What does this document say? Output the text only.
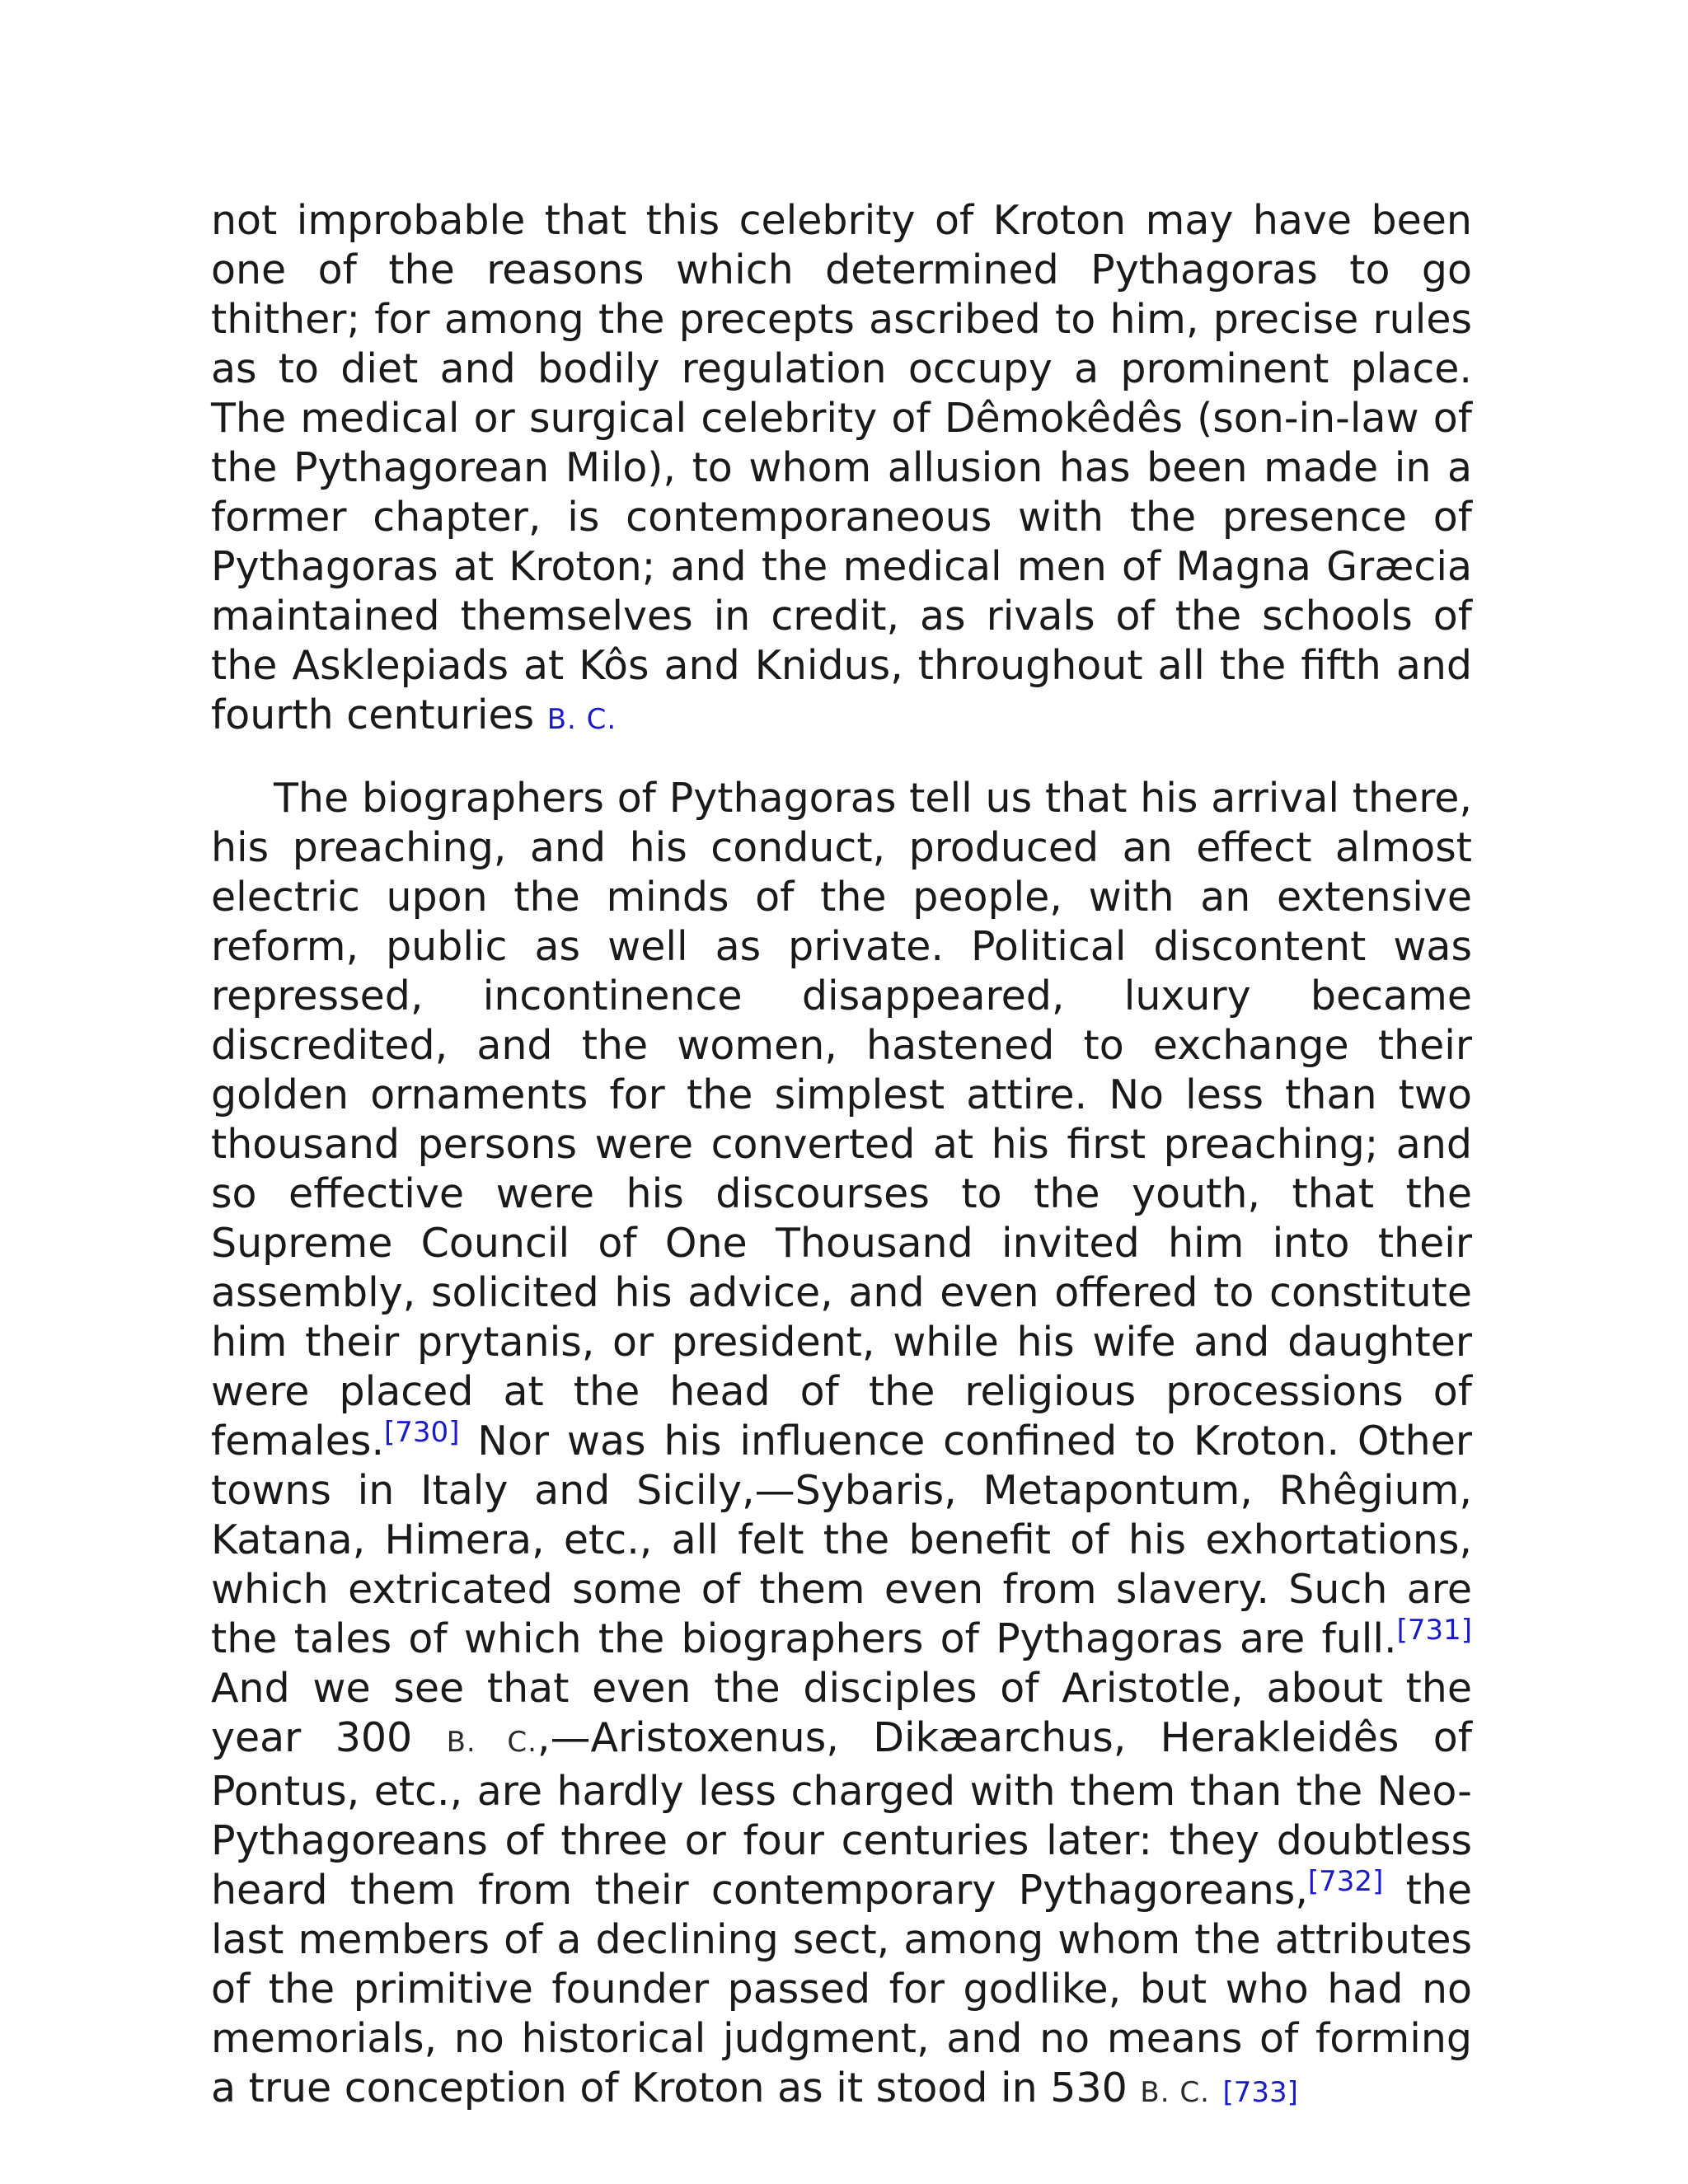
not improbable that this celebrity of Kroton may have been one of the reasons which determined Pythagoras to go thither; for among the precepts ascribed to him, precise rules as to diet and bodily regulation occupy a prominent place. The medical or surgical celebrity of Dêmokêdês (son-in-law of the Pythagorean Milo), to whom allusion has been made in a former chapter, is contemporaneous with the presence of Pythagoras at Kroton; and the medical men of Magna Græcia maintained themselves in credit, as rivals of the schools of the Asklepiads at Kôs and Knidus, throughout all the fifth and fourth centuries B. C.

The biographers of Pythagoras tell us that his arrival there, his preaching, and his conduct, produced an effect almost electric upon the minds of the people, with an extensive reform, public as well as private. Political discontent was repressed, incontinence disappeared, luxury became discredited, and the women, hastened to exchange their golden ornaments for the simplest attire. No less than two thousand persons were converted at his first preaching; and so effective were his discourses to the youth, that the Supreme Council of One Thousand invited him into their assembly, solicited his advice, and even offered to constitute him their prytanis, or president, while his wife and daughter were placed at the head of the religious processions of females.[730] Nor was his influence confined to Kroton. Other towns in Italy and Sicily,—Sybaris, Metapontum, Rhêgium, Katana, Himera, etc., all felt the benefit of his exhortations, which extricated some of them even from slavery. Such are the tales of which the biographers of Pythagoras are full.[731] And we see that even the disciples of Aristotle, about the year 300 B. C.,—Aristoxenus, Dikæarchus, Herakleidês of Pontus, etc., are hardly less charged with them than the Neo-Pythagoreans of three or four centuries later: they doubtless heard them from their contemporary Pythagoreans,[732] the last members of a declining sect, among whom the attributes of the primitive founder passed for godlike, but who had no memorials, no historical judgment, and no means of forming a true conception of Kroton as it stood in 530 B. C. [733]
